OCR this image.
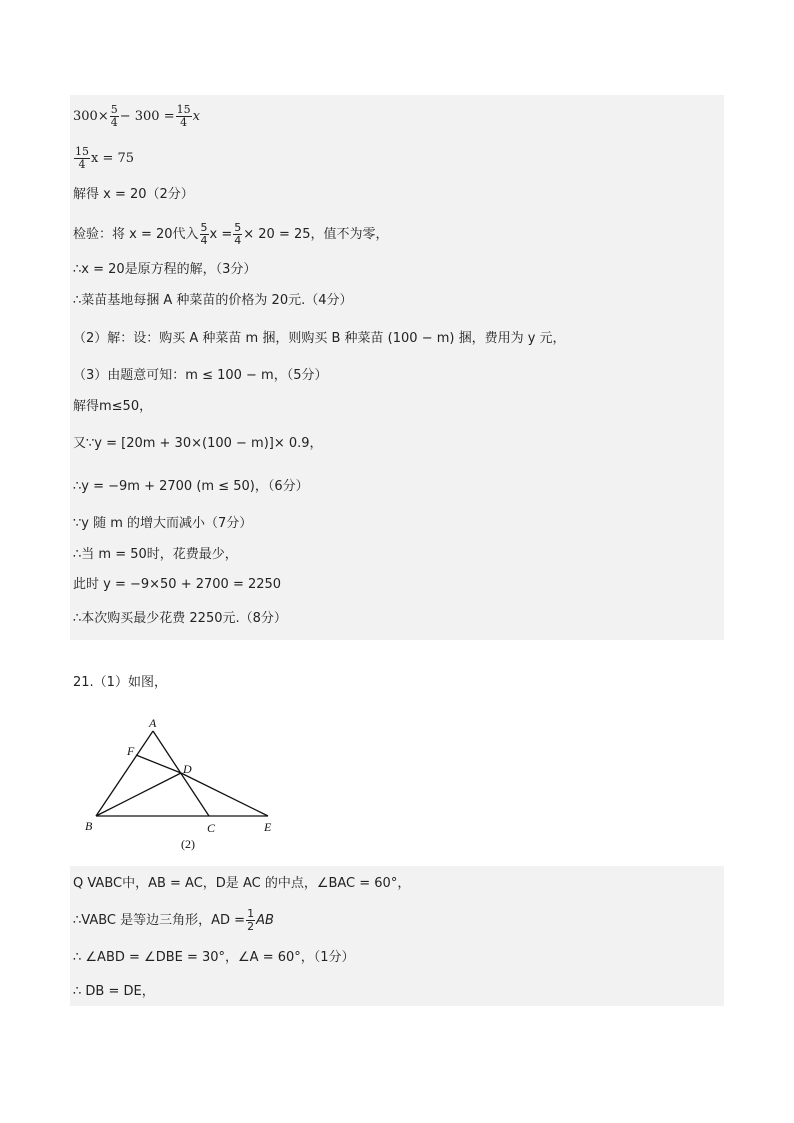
$300\times \frac{5}{4} - 300 = \frac{15}{4}$ x
$\frac{15}{4}$ x = 75
解得 x = 20（2分）
检验：将 x = 20代入 $\frac{5}{4}$ $x = \frac{5}{4} \times 20 = 25$，值不为零，
∴x = 20是原方程的解，（3分）
∴菜苗基地每捆 A 种菜苗的价格为 20元.（4分）
（2）解：设：购买 A 种菜苗 m 捆，则购买 B 种菜苗 (100 − m) 捆，费用为 y 元，
（3）由题意可知：m ≤ 100 − m，（5分）
解得m≤50，
又∵y = [20m + 30×(100 − m)]× 0.9，
∴y = −9m + 2700 (m ≤ 50)，（6分）
∵y 随 m 的增大而减小（7分）
∴当 m = 50时，花费最少，
此时 y = −9×50 + 2700 = 2250
∴本次购买最少花费 2250元.（8分）
21.（1）如图，
A
F
D
B	C	E
(2)
Q VABC中，AB = AC，D是 AC 的中点，∠BAC = 60°，
∴VABC 是等边三角形，AD = $\frac{1}{2}$ AB
∴ ∠ABD = ∠DBE = 30°，∠A = 60°，（1分）
∴ DB = DE，
